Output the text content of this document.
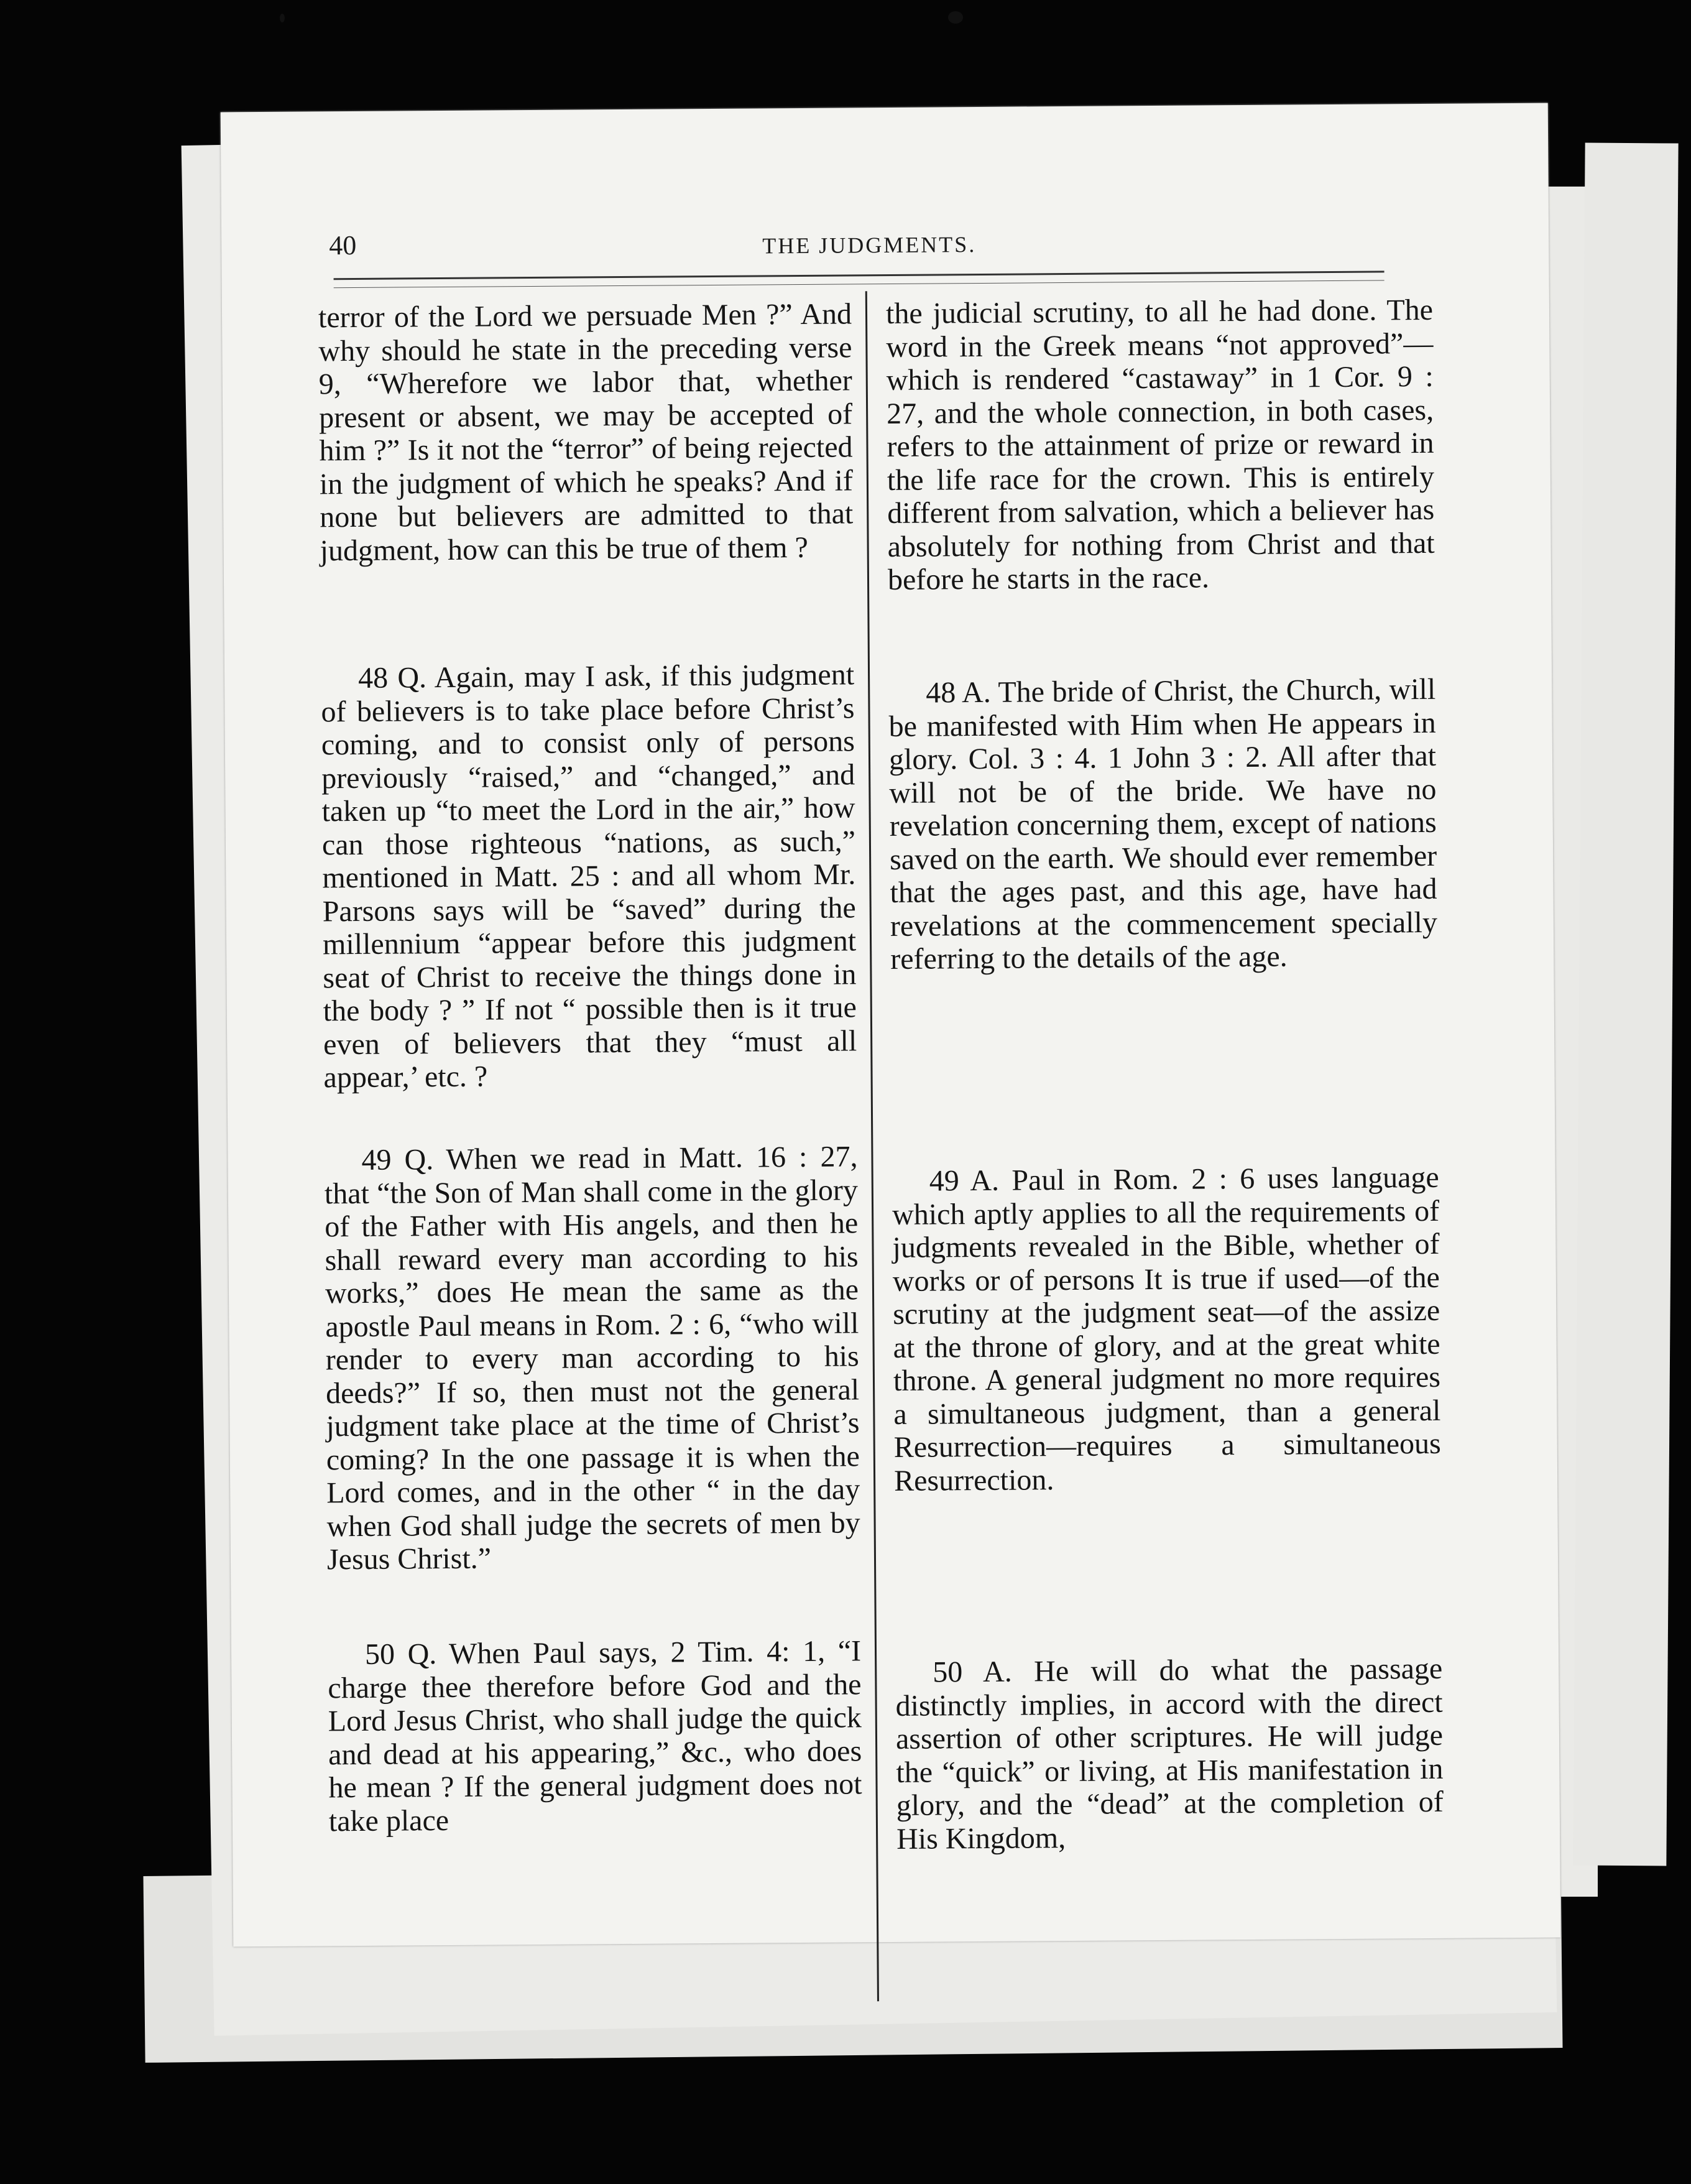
40	THE JUDGMENTS.

terror of the Lord we persuade Men ?” And why should he state in the preceding verse 9, “Wherefore we labor that, whether present or absent, we may be accepted of him ?” Is it not the “terror” of being rejected in the judgment of which he speaks? And if none but believers are admitted to that judgment, how can this be true of them ?

48 Q. Again, may I ask, if this judgment of believers is to take place before Christ’s coming, and to consist only of persons previously “raised,” and “changed,” and taken up “to meet the Lord in the air,” how can those righteous “nations, as such,” mentioned in Matt. 25 : and all whom Mr. Parsons says will be “saved” during the millennium “appear before this judgment seat of Christ to receive the things done in the body ? ” If not “ possible then is it true even of believers that they “must all appear,’ etc. ?

49 Q. When we read in Matt. 16 : 27, that “the Son of Man shall come in the glory of the Father with His angels, and then he shall reward every man according to his works,” does He mean the same as the apostle Paul means in Rom. 2 : 6, “who will render to every man according to his deeds?” If so, then must not the general judgment take place at the time of Christ’s coming? In the one passage it is when the Lord comes, and in the other “ in the day when God shall judge the secrets of men by Jesus Christ.”

50 Q. When Paul says, 2 Tim. 4: 1, “I charge thee therefore before God and the Lord Jesus Christ, who shall judge the quick and dead at his appearing,” &c., who does he mean ? If the general judgment does not take place

the judicial scrutiny, to all he had done. The word in the Greek means “not approved”—which is rendered “castaway” in 1 Cor. 9 : 27, and the whole connection, in both cases, refers to the attainment of prize or reward in the life race for the crown. This is entirely different from salvation, which a believer has absolutely for nothing from Christ and that before he starts in the race.

48 A. The bride of Christ, the Church, will be manifested with Him when He appears in glory. Col. 3 : 4. 1 John 3 : 2. All after that will not be of the bride. We have no revelation concerning them, except of nations saved on the earth. We should ever remember that the ages past, and this age, have had revelations at the commencement specially referring to the details of the age.

49 A. Paul in Rom. 2 : 6 uses language which aptly applies to all the requirements of judgments revealed in the Bible, whether of works or of persons It is true if used—of the scrutiny at the judgment seat—of the assize at the throne of glory, and at the great white throne. A general judgment no more requires a simultaneous judgment, than a general Resurrection—requires a simultaneous Resurrection.

50 A. He will do what the passage distinctly implies, in accord with the direct assertion of other scriptures. He will judge the “quick” or living, at His manifestation in glory, and the “dead” at the completion of His Kingdom,
